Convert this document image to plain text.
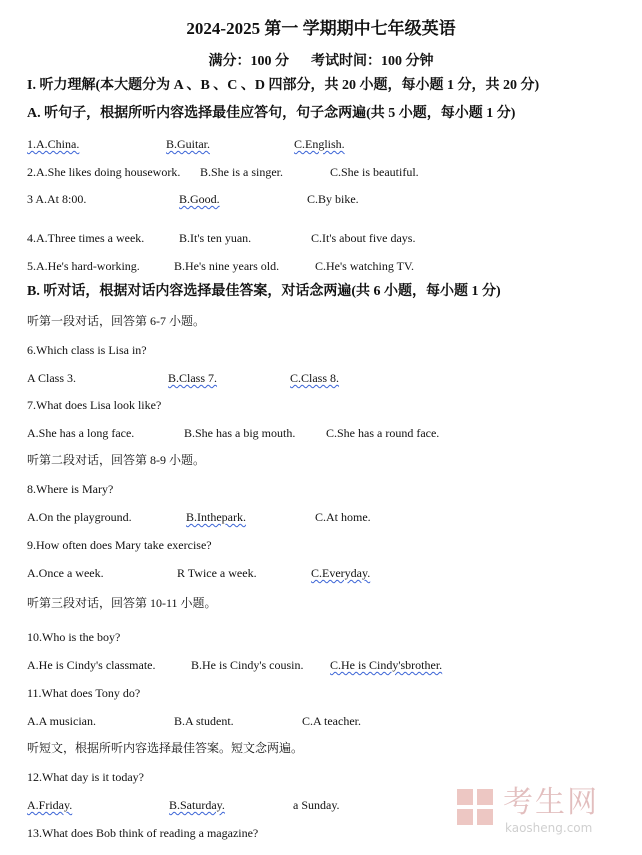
2024-2025 第一 学期期中七年级英语
满分：100 分 考试时间：100 分钟
I. 听力理解(本大题分为 A 、B 、C 、D 四部分，共 20 小题，每小题 1 分，共 20 分)
A. 听句子，根据所听内容选择最佳应答句，句子念两遍(共 5 小题，每小题 1 分)
1.A.China.	B.Guitar.	C.English.
2.A.She likes doing housework. B.She is a singer.	C.She is beautiful.
3 A.At 8:00.	B.Good.	C.By bike.
4.A.Three times a week.	B.It's ten yuan.	C.It's about five days.
5.A.He's hard-working.	B.He's nine years old.	C.He's watching TV.
B. 听对话，根据对话内容选择最佳答案，对话念两遍(共 6 小题，每小题 1 分)
听第一段对话，回答第 6-7 小题。
6.Which class is Lisa in?
A Class 3.	B.Class 7.	C.Class 8.
7.What does Lisa look like?
A.She has a long face.	B.She has a big mouth.	C.She has a round face.
听第二段对话，回答第 8-9 小题。
8.Where is Mary?
A.On the playground.	B.Inthepark.	C.At home.
9.How often does Mary take exercise?
A.Once a week.	R Twice a week.	C.Everyday.
听第三段对话，回答第 10-11 小题。
10.Who is the boy?
A.He is Cindy's classmate.	B.He is Cindy's cousin. C.He is Cindy'sbrother.
11.What does Tony do?
A.A musician.	B.A student.	C.A teacher.
听短文，根据所听内容选择最佳答案。短文念两遍。
12.What day is it today?
A.Friday.	B.Saturday.	a Sunday.
13.What does Bob think of reading a magazine?
考生网
kaosheng.com
